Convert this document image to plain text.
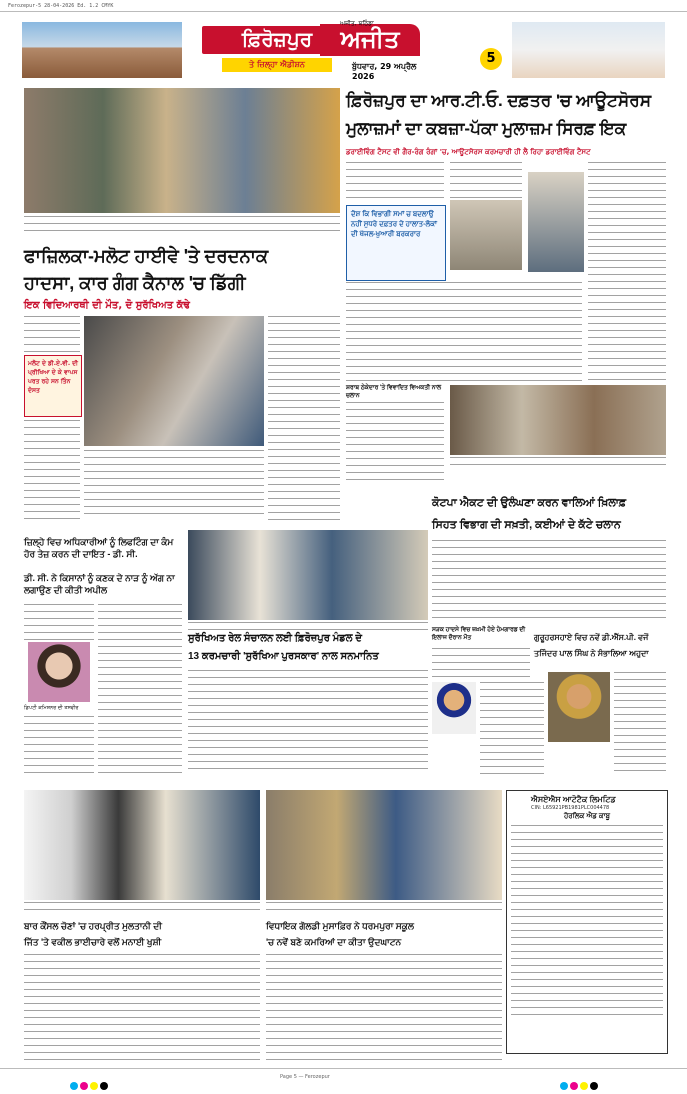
Ferozepur-5 28-04-2026 Ed. 1.2 CMYK
ਫ਼ਿਰੋਜ਼ਪੁਰ	ਅਜੀਤ
ਅਜੀਤ, ਬਠਿੰਡਾ
ਤੇ ਜ਼ਿਲ੍ਹਾ ਐਡੀਸ਼ਨ	ਬੁੱਧਵਾਰ, 29 ਅਪ੍ਰੈਲ 2026
5
ਫ਼ਿਰੋਜ਼ਪੁਰ ਦਾ ਆਰ.ਟੀ.ਓ. ਦਫ਼ਤਰ 'ਚ ਆਊਟਸੋਰਸ
ਮੁਲਾਜ਼ਮਾਂ ਦਾ ਕਬਜ਼ਾ-ਪੱਕਾ ਮੁਲਾਜ਼ਮ ਸਿਰਫ਼ ਇਕ
ਡਰਾਈਵਿੰਗ ਟੈਸਟ ਵੀ ਗੈਰ-ਰੰਗ ਰੰਗਾਂ 'ਚ, ਆਊਟਸੋਰਸ ਕਰਮਚਾਰੀ ਹੀ ਲੈ ਰਿਹਾ ਡਰਾਈਵਿੰਗ ਟੈਸਟ
ਦੋਸ਼ ਕਿ ਵਿਭਾਗੀ ਸਮਾਂ ਚ ਬਦਲਾਉ ਨਹੀਂ ਸੁਧਰੇ ਦਫ਼ਤਰ ਦੇ ਹਾਲਾਤ-ਲੋਕਾਂ ਦੀ ਖੱਜਲ-ਖੁਆਰੀ ਬਰਕਰਾਰ
ਫਾਜ਼ਿਲਕਾ-ਮਲੋਟ ਹਾਈਵੇ 'ਤੇ ਦਰਦਨਾਕ
ਹਾਦਸਾ, ਕਾਰ ਗੰਗ ਕੈਨਾਲ 'ਚ ਡਿੱਗੀ
ਇਕ ਵਿਦਿਆਰਥੀ ਦੀ ਮੌਤ, ਦੋ ਸੁਰੱਖਿਅਤ ਕੱਢੇ
ਮਲੋਟ ਦੇ ਡੀ.ਏ.ਵੀ. ਦੀ ਪ੍ਰੀਖਿਆ ਦੇ ਕੇ ਵਾਪਸ ਪਰਤ ਰਹੇ ਸਨ ਤਿੰਨ ਦੋਸਤ	ਸ਼ਰਾਬ ਠੇਕੇਦਾਰ 'ਤੇ ਵਿਵਾਦਿਤ ਵਿਅਕਤੀ ਨਾਲ ਚਲਾਨ
ਕੋਟਪਾ ਐਕਟ ਦੀ ਉਲੰਘਣਾ ਕਰਨ ਵਾਲਿਆਂ ਖ਼ਿਲਾਫ਼
ਸਿਹਤ ਵਿਭਾਗ ਦੀ ਸਖ਼ਤੀ, ਕਈਆਂ ਦੇ ਕੱਟੇ ਚਲਾਨ
ਜ਼ਿਲ੍ਹੇ ਵਿਚ ਅਧਿਕਾਰੀਆਂ ਨੂੰ ਲਿਫਟਿੰਗ ਦਾ ਕੰਮ ਹੋਰ ਤੇਜ਼ ਕਰਨ ਦੀ ਦਾਇਤ - ਡੀ. ਸੀ.
ਡੀ. ਸੀ. ਨੇ ਕਿਸਾਨਾਂ ਨੂੰ ਕਣਕ ਦੇ ਨਾੜ ਨੂੰ ਅੱਗ ਨਾ ਲਗਾਉਣ ਦੀ ਕੀਤੀ ਅਪੀਲ
ਡਿਪਟੀ ਕਮਿਸ਼ਨਰ ਦੀ ਤਸਵੀਰ
ਸੁਰੱਖਿਅਤ ਰੇਲ ਸੰਚਾਲਨ ਲਈ ਫ਼ਿਰੋਜ਼ਪੁਰ ਮੰਡਲ ਦੇ
13 ਕਰਮਚਾਰੀ 'ਸੁਰੱਖਿਆ ਪੁਰਸਕਾਰ' ਨਾਲ ਸਨਮਾਨਿਤ
ਸੜਕ ਹਾਦਸੇ ਵਿਚ ਜ਼ਖ਼ਮੀ ਹੋਏ ਹੋਮਗਾਰਡ ਦੀ ਇਲਾਜ ਦੌਰਾਨ ਮੌਤ	ਗੁਰੂਹਰਸਹਾਏ ਵਿਚ ਨਵੇਂ ਡੀ.ਐੱਸ.ਪੀ. ਵਜੋਂ
ਤਜਿੰਦਰ ਪਾਲ ਸਿੰਘ ਨੇ ਸੰਭਾਲਿਆ ਅਹੁਦਾ
ਐਸਏਐਸ ਆਟੋਟੈਕ ਲਿਮਟਿਡ
CIN: L65921PB1981PLC004478
ਹੋਰਲਿਕ ਐਡ ਕਾਬੂ
ਬਾਰ ਕੌਂਸਲ ਚੋਣਾਂ 'ਚ ਹਰਪ੍ਰੀਤ ਮੁਲਤਾਨੀ ਦੀ
ਜਿੱਤ 'ਤੇ ਵਕੀਲ ਭਾਈਚਾਰੇ ਵਲੋਂ ਮਨਾਈ ਖੁਸ਼ੀ
ਵਿਧਾਇਕ ਗੋਲਡੀ ਮੁਸਾਫ਼ਿਰ ਨੇ ਧਰਮਪੁਰਾ ਸਕੂਲ
'ਚ ਨਵੇਂ ਬਣੇ ਕਮਰਿਆਂ ਦਾ ਕੀਤਾ ਉਦਘਾਟਨ
Page 5 — Ferozepur
